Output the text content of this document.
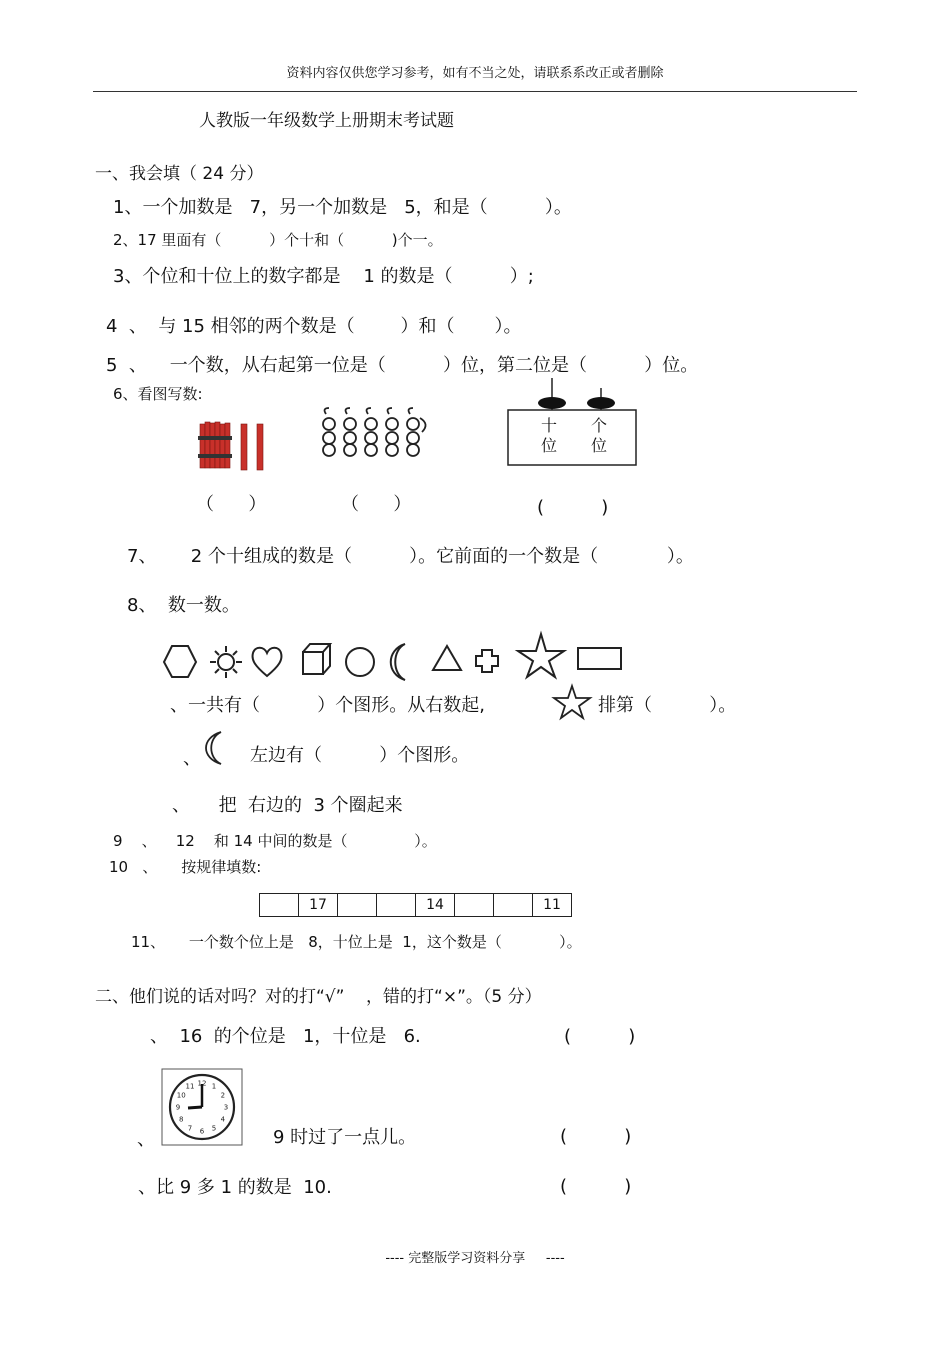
资料内容仅供您学习参考，如有不当之处，请联系系改正或者删除
人教版一年级数学上册期末考试题
一、我会填（ 24 分）
1、一个加数是   7，另一个加数是   5，和是（          ）。
2、17 里面有（          ）个十和（          )个一。
3、个位和十位上的数字都是    1 的数是（          ）;
4  、  与 15 相邻的两个数是（        ）和（       ）。
5  、    一个数，从右起第一位是（          ）位，第二位是（          ）位。
6、看图写数:
十 个
位 位
（      ）	（      ）	(          )
7、      2 个十组成的数是（          ）。它前面的一个数是（            ）。
8、  数一数。
、一共有（          ）个图形。从右数起,	排第（          ）。
、	左边有（          ）个图形。
、     把  右边的  3 个圈起来
9    、    12    和 14 中间的数是（              ）。
10   、     按规律填数:
	17			14			11
11、     一个数个位上是   8，十位上是  1，这个数是（            ）。
二、他们说的话对吗？对的打“√”    ，错的打“×”。（5 分）
、  16  的个位是   1，十位是   6.	(          )
12 1
2
3
4
5
6
7
8
9
10
11
、	9 时过了一点儿。	(          )
、比 9 多 1 的数是  10.	(          )
---- 完整版学习资料分享     ----
